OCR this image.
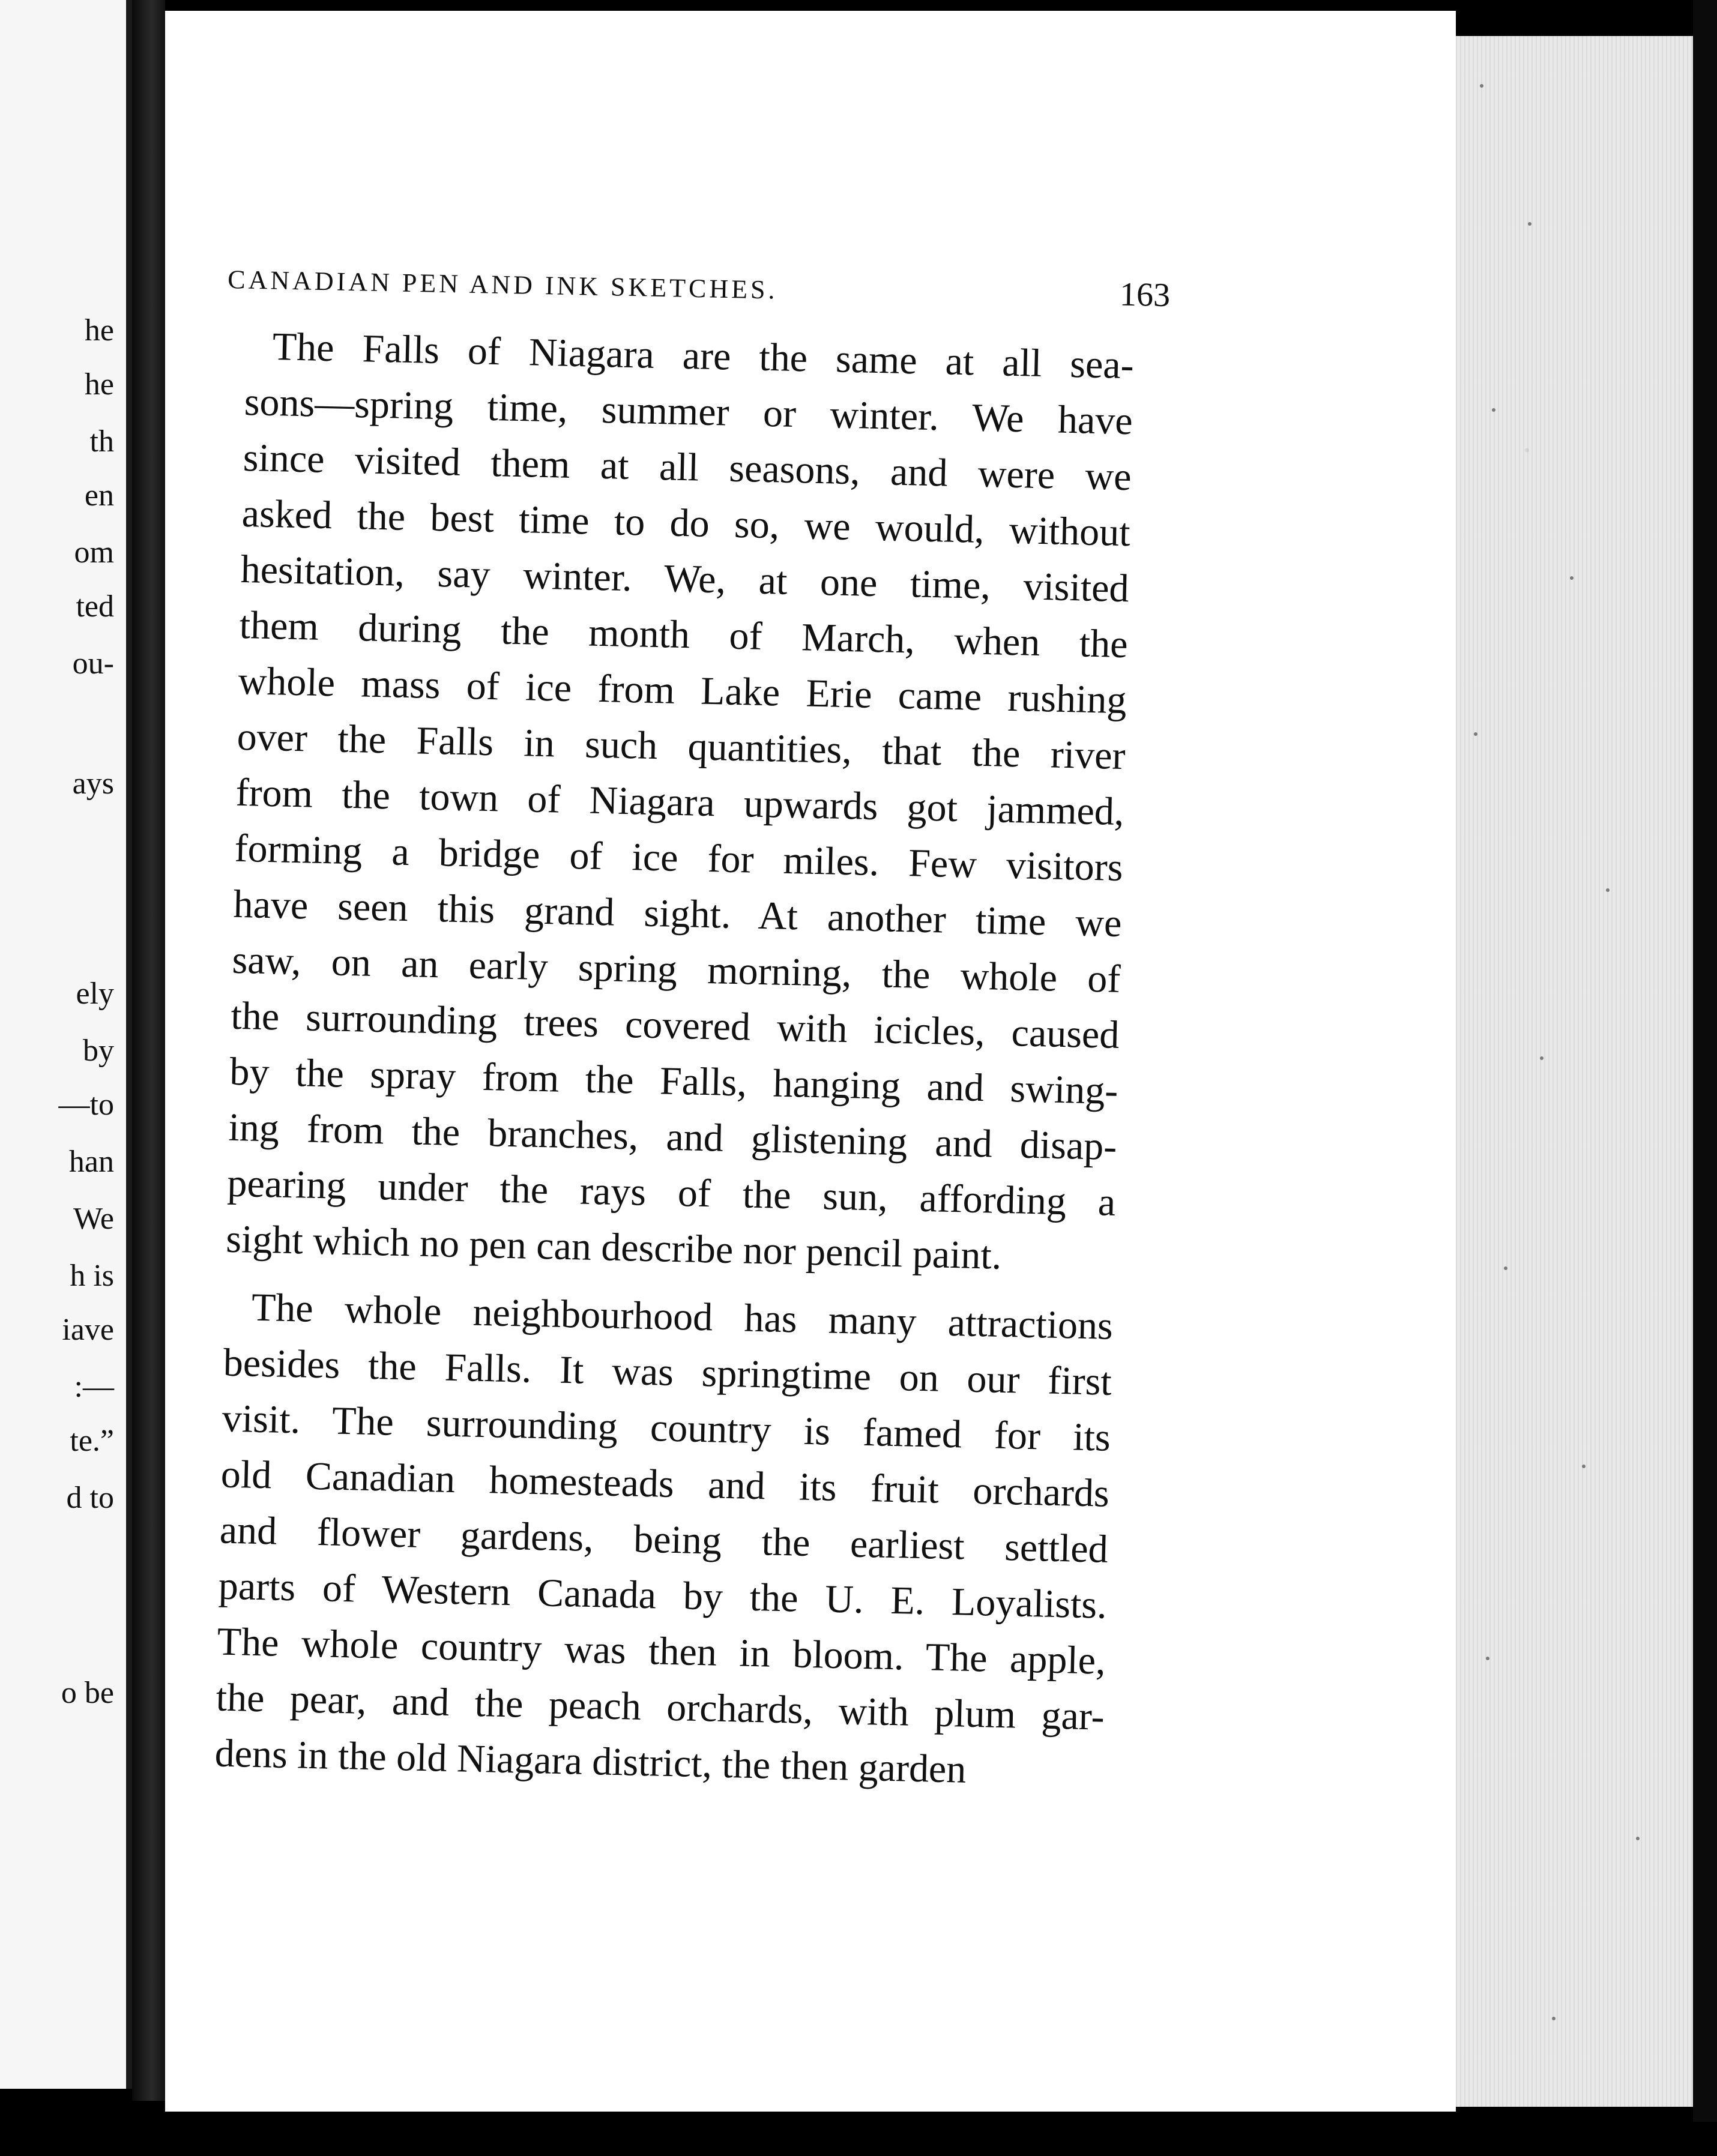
he
he
th
en
om
ted
ou-
ays
ely
by
—to
han
We
h is
iave
:—
te.”
d to
o be
CANADIAN PEN AND INK SKETCHES.	163

The Falls of Niagara are the same at all sea-
sons—spring time, summer or winter. We have
since visited them at all seasons, and were we
asked the best time to do so, we would, without
hesitation, say winter. We, at one time, visited
them during the month of March, when the
whole mass of ice from Lake Erie came rushing
over the Falls in such quantities, that the river
from the town of Niagara upwards got jammed,
forming a bridge of ice for miles. Few visitors
have seen this grand sight. At another time we
saw, on an early spring morning, the whole of
the surrounding trees covered with icicles, caused
by the spray from the Falls, hanging and swing-
ing from the branches, and glistening and disap-
pearing under the rays of the sun, affording a
sight which no pen can describe nor pencil paint.

The whole neighbourhood has many attractions
besides the Falls. It was springtime on our first
visit. The surrounding country is famed for its
old Canadian homesteads and its fruit orchards
and flower gardens, being the earliest settled
parts of Western Canada by the U. E. Loyalists.
The whole country was then in bloom. The apple,
the pear, and the peach orchards, with plum gar-
dens in the old Niagara district, the then garden
